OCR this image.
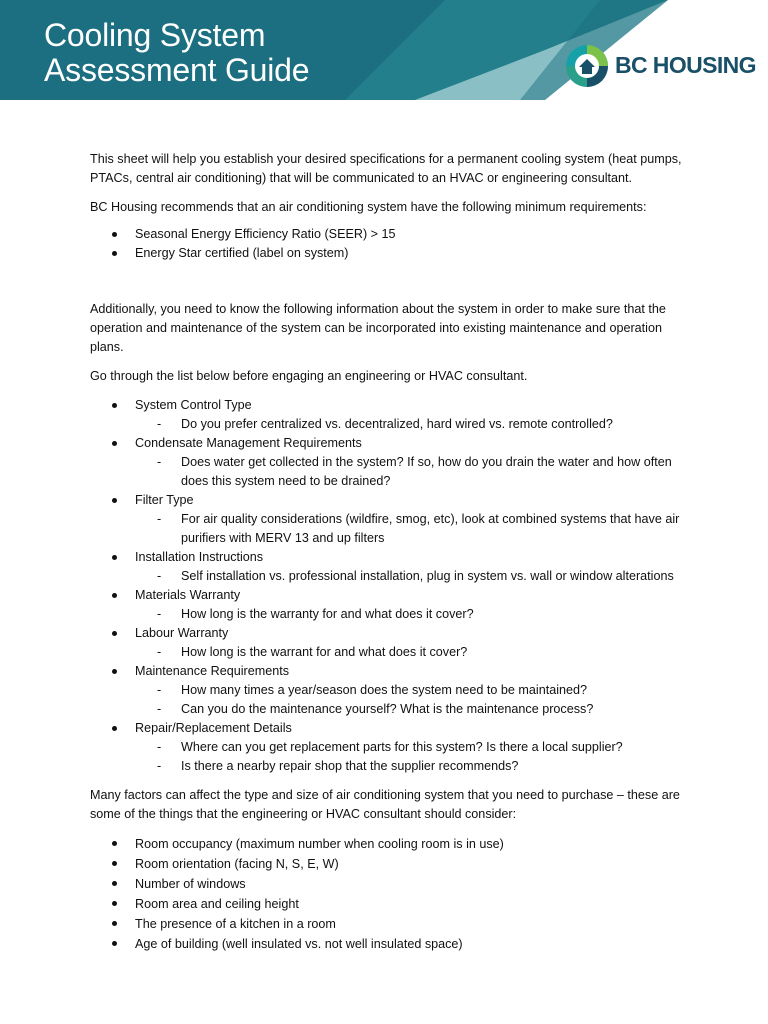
Cooling System
Assessment Guide	BC HOUSING

This sheet will help you establish your desired specifications for a permanent cooling system (heat pumps, PTACs, central air conditioning) that will be communicated to an HVAC or engineering consultant.

BC Housing recommends that an air conditioning system have the following minimum requirements:

Seasonal Energy Efficiency Ratio (SEER) > 15
Energy Star certified (label on system)

Additionally, you need to know the following information about the system in order to make sure that the operation and maintenance of the system can be incorporated into existing maintenance and operation plans.

Go through the list below before engaging an engineering or HVAC consultant.

System Control Type
- Do you prefer centralized vs. decentralized, hard wired vs. remote controlled?
Condensate Management Requirements
- Does water get collected in the system? If so, how do you drain the water and how often does this system need to be drained?
Filter Type
- For air quality considerations (wildfire, smog, etc), look at combined systems that have air purifiers with MERV 13 and up filters
Installation Instructions
- Self installation vs. professional installation, plug in system vs. wall or window alterations
Materials Warranty
- How long is the warranty for and what does it cover?
Labour Warranty
- How long is the warrant for and what does it cover?
Maintenance Requirements
- How many times a year/season does the system need to be maintained?
- Can you do the maintenance yourself? What is the maintenance process?
Repair/Replacement Details
- Where can you get replacement parts for this system? Is there a local supplier?
- Is there a nearby repair shop that the supplier recommends?

Many factors can affect the type and size of air conditioning system that you need to purchase – these are some of the things that the engineering or HVAC consultant should consider:

Room occupancy (maximum number when cooling room is in use)
Room orientation (facing N, S, E, W)
Number of windows
Room area and ceiling height
The presence of a kitchen in a room
Age of building (well insulated vs. not well insulated space)
